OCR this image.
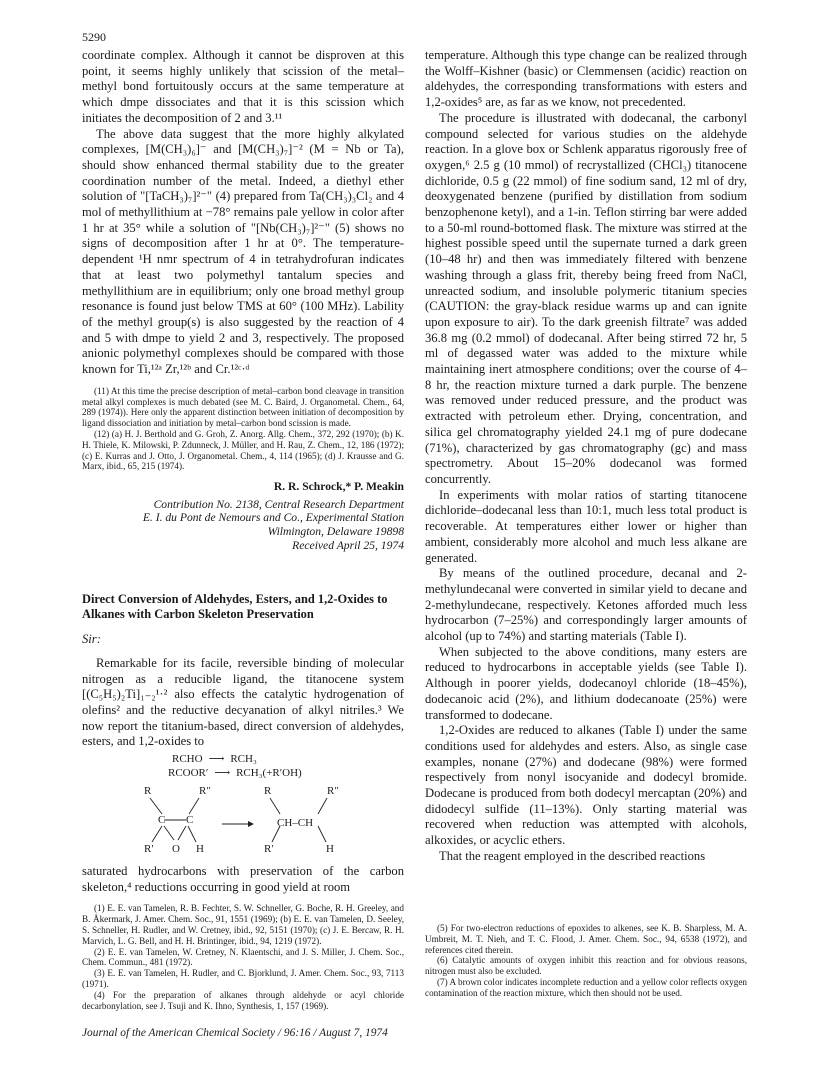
5290

coordinate complex. Although it cannot be disproven at this point, it seems highly unlikely that scission of the metal–methyl bond fortuitously occurs at the same temperature at which dmpe dissociates and that it is this scission which initiates the decomposition of 2 and 3.¹¹

The above data suggest that the more highly alkylated complexes, [M(CH₃)₆]⁻ and [M(CH₃)₇]⁻² (M = Nb or Ta), should show enhanced thermal stability due to the greater coordination number of the metal. Indeed, a diethyl ether solution of "[TaCH₃)₇]²⁻" (4) prepared from Ta(CH₃)₃Cl₂ and 4 mol of methyllithium at −78° remains pale yellow in color after 1 hr at 35° while a solution of "[Nb(CH₃)₇]²⁻" (5) shows no signs of decomposition after 1 hr at 0°. The temperature-dependent ¹H nmr spectrum of 4 in tetrahydrofuran indicates that at least two polymethyl tantalum species and methyllithium are in equilibrium; only one broad methyl group resonance is found just below TMS at 60° (100 MHz). Lability of the methyl group(s) is also suggested by the reaction of 4 and 5 with dmpe to yield 2 and 3, respectively. The proposed anionic polymethyl complexes should be compared with those known for Ti,¹²ᵃ Zr,¹²ᵇ and Cr.¹²ᶜ·ᵈ

(11) At this time the precise description of metal–carbon bond cleavage in transition metal alkyl complexes is much debated (see M. C. Baird, J. Organometal. Chem., 64, 289 (1974)). Here only the apparent distinction between initiation of decomposition by ligand dissociation and initiation by metal–carbon bond scission is made.

(12) (a) H. J. Berthold and G. Groh, Z. Anorg. Allg. Chem., 372, 292 (1970); (b) K. H. Thiele, K. Milowski, P. Zdunneck, J. Müller, and H. Rau, Z. Chem., 12, 186 (1972); (c) E. Kurras and J. Otto, J. Organometal. Chem., 4, 114 (1965); (d) J. Krausse and G. Marx, ibid., 65, 215 (1974).

R. R. Schrock,* P. Meakin
Contribution No. 2138, Central Research Department
E. I. du Pont de Nemours and Co., Experimental Station
Wilmington, Delaware 19898
Received April 25, 1974
Direct Conversion of Aldehydes, Esters, and 1,2-Oxides to Alkanes with Carbon Skeleton Preservation
Sir:

Remarkable for its facile, reversible binding of molecular nitrogen as a reducible ligand, the titanocene system [(C₅H₅)₂Ti]₁₋₂¹·² also effects the catalytic hydrogenation of olefins² and the reductive decyanation of alkyl nitriles.³ We now report the titanium-based, direct conversion of aldehydes, esters, and 1,2-oxides to

RCHO ⟶ RCH₃
RCOOR′ ⟶ RCH₃(+R′OH)
R	R″
C C
R′ O H
R	R″
CH–CH
R′	H

saturated hydrocarbons with preservation of the carbon skeleton,⁴ reductions occurring in good yield at room

(1) E. E. van Tamelen, R. B. Fechter, S. W. Schneller, G. Boche, R. H. Greeley, and B. Åkermark, J. Amer. Chem. Soc., 91, 1551 (1969); (b) E. E. van Tamelen, D. Seeley, S. Schneller, H. Rudler, and W. Cretney, ibid., 92, 5151 (1970); (c) J. E. Bercaw, R. H. Marvich, L. G. Bell, and H. H. Brintinger, ibid., 94, 1219 (1972).

(2) E. E. van Tamelen, W. Cretney, N. Klaentschi, and J. S. Miller, J. Chem. Soc., Chem. Commun., 481 (1972).

(3) E. E. van Tamelen, H. Rudler, and C. Bjorklund, J. Amer. Chem. Soc., 93, 7113 (1971).

(4) For the preparation of alkanes through aldehyde or acyl chloride decarbonylation, see J. Tsuji and K. Ihno, Synthesis, 1, 157 (1969).

temperature. Although this type change can be realized through the Wolff–Kishner (basic) or Clemmensen (acidic) reaction on aldehydes, the corresponding transformations with esters and 1,2-oxides⁵ are, as far as we know, not precedented.

The procedure is illustrated with dodecanal, the carbonyl compound selected for various studies on the aldehyde reaction. In a glove box or Schlenk apparatus rigorously free of oxygen,⁶ 2.5 g (10 mmol) of recrystallized (CHCl₃) titanocene dichloride, 0.5 g (22 mmol) of fine sodium sand, 12 ml of dry, deoxygenated benzene (purified by distillation from sodium benzophenone ketyl), and a 1-in. Teflon stirring bar were added to a 50-ml round-bottomed flask. The mixture was stirred at the highest possible speed until the supernate turned a dark green (10–48 hr) and then was immediately filtered with benzene washing through a glass frit, thereby being freed from NaCl, unreacted sodium, and insoluble polymeric titanium species (CAUTION: the gray-black residue warms up and can ignite upon exposure to air). To the dark greenish filtrate⁷ was added 36.8 mg (0.2 mmol) of dodecanal. After being stirred 72 hr, 5 ml of degassed water was added to the mixture while maintaining inert atmosphere conditions; over the course of 4–8 hr, the reaction mixture turned a dark purple. The benzene was removed under reduced pressure, and the product was extracted with petroleum ether. Drying, concentration, and silica gel chromatography yielded 24.1 mg of pure dodecane (71%), characterized by gas chromatography (gc) and mass spectrometry. About 15–20% dodecanol was formed concurrently.

In experiments with molar ratios of starting titanocene dichloride–dodecanal less than 10:1, much less total product is recoverable. At temperatures either lower or higher than ambient, considerably more alcohol and much less alkane are generated.

By means of the outlined procedure, decanal and 2-methylundecanal were converted in similar yield to decane and 2-methylundecane, respectively. Ketones afforded much less hydrocarbon (7–25%) and correspondingly larger amounts of alcohol (up to 74%) and starting materials (Table I).

When subjected to the above conditions, many esters are reduced to hydrocarbons in acceptable yields (see Table I). Although in poorer yields, dodecanoyl chloride (18–45%), dodecanoic acid (2%), and lithium dodecanoate (25%) were transformed to dodecane.

1,2-Oxides are reduced to alkanes (Table I) under the same conditions used for aldehydes and esters. Also, as single case examples, nonane (27%) and dodecane (98%) were formed respectively from nonyl isocyanide and dodecyl bromide. Dodecane is produced from both dodecyl mercaptan (20%) and didodecyl sulfide (11–13%). Only starting material was recovered when reduction was attempted with alcohols, alkoxides, or acyclic ethers.

That the reagent employed in the described reactions

(5) For two-electron reductions of epoxides to alkenes, see K. B. Sharpless, M. A. Umbreit, M. T. Nieh, and T. C. Flood, J. Amer. Chem. Soc., 94, 6538 (1972), and references cited therein.

(6) Catalytic amounts of oxygen inhibit this reaction and for obvious reasons, nitrogen must also be excluded.

(7) A brown color indicates incomplete reduction and a yellow color reflects oxygen contamination of the reaction mixture, which then should not be used.

Journal of the American Chemical Society / 96:16 / August 7, 1974
